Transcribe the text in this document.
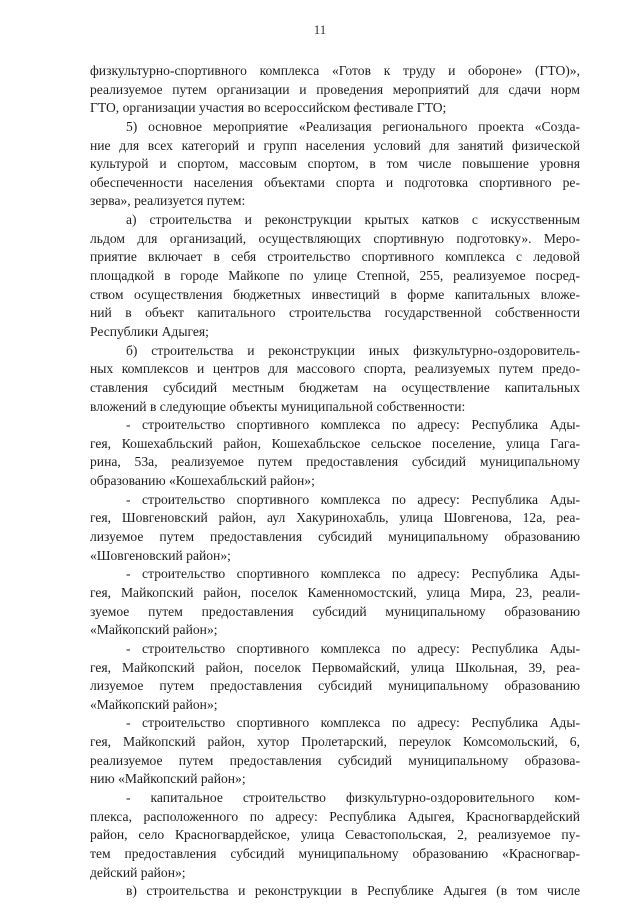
11
физкультурно-спортивного комплекса «Готов к труду и обороне» (ГТО)»,
реализуемое путем организации и проведения мероприятий для сдачи норм
ГТО, организации участия во всероссийском фестивале ГТО;
5) основное мероприятие «Реализация регионального проекта «Созда-
ние для всех категорий и групп населения условий для занятий физической
культурой и спортом, массовым спортом, в том числе повышение уровня
обеспеченности населения объектами спорта и подготовка спортивного ре-
зерва», реализуется путем:
а) строительства и реконструкции крытых катков с искусственным
льдом для организаций, осуществляющих спортивную подготовку». Меро-
приятие включает в себя строительство спортивного комплекса с ледовой
площадкой в городе Майкопе по улице Степной, 255, реализуемое посред-
ством осуществления бюджетных инвестиций в форме капитальных вложе-
ний в объект капитального строительства государственной собственности
Республики Адыгея;
б) строительства и реконструкции иных физкультурно-оздоровитель-
ных комплексов и центров для массового спорта, реализуемых путем предо-
ставления субсидий местным бюджетам на осуществление капитальных
вложений в следующие объекты муниципальной собственности:
- строительство спортивного комплекса по адресу: Республика Ады-
гея, Кошехабльский район, Кошехабльское сельское поселение, улица Гага-
рина, 53а, реализуемое путем предоставления субсидий муниципальному
образованию «Кошехабльский район»;
- строительство спортивного комплекса по адресу: Республика Ады-
гея, Шовгеновский район, аул Хакуринохабль, улица Шовгенова, 12а, реа-
лизуемое путем предоставления субсидий муниципальному образованию
«Шовгеновский район»;
- строительство спортивного комплекса по адресу: Республика Ады-
гея, Майкопский район, поселок Каменномостский, улица Мира, 23, реали-
зуемое путем предоставления субсидий муниципальному образованию
«Майкопский район»;
- строительство спортивного комплекса по адресу: Республика Ады-
гея, Майкопский район, поселок Первомайский, улица Школьная, 39, реа-
лизуемое путем предоставления субсидий муниципальному образованию
«Майкопский район»;
- строительство спортивного комплекса по адресу: Республика Ады-
гея, Майкопский район, хутор Пролетарский, переулок Комсомольский, 6,
реализуемое путем предоставления субсидий муниципальному образова-
нию «Майкопский район»;
- капитальное строительство физкультурно-оздоровительного ком-
плекса, расположенного по адресу: Республика Адыгея, Красногвардейский
район, село Красногвардейское, улица Севастопольская, 2, реализуемое пу-
тем предоставления субсидий муниципальному образованию «Красногвар-
дейский район»;
в) строительства и реконструкции в Республике Адыгея (в том числе
